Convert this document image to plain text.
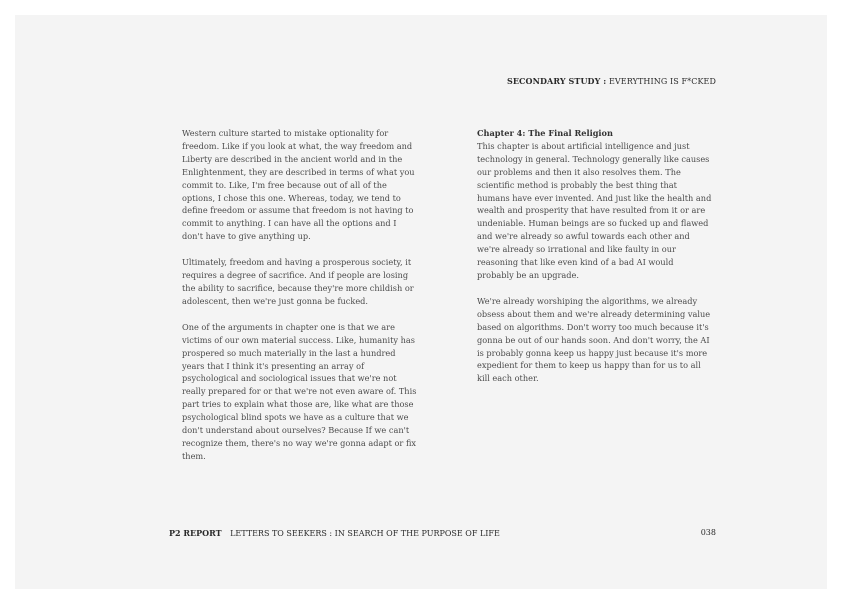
SECONDARY STUDY : EVERYTHING IS F*CKED

Western culture started to mistake optionality for freedom. Like if you look at what, the way freedom and Liberty are described in the ancient world and in the Enlightenment, they are described in terms of what you commit to. Like, I'm free because out of all of the options, I chose this one. Whereas, today, we tend to define freedom or assume that freedom is not having to commit to anything. I can have all the options and I don't have to give anything up.

Ultimately, freedom and having a prosperous society, it requires a degree of sacrifice. And if people are losing the ability to sacrifice, because they're more childish or adolescent, then we're just gonna be fucked.

One of the arguments in chapter one is that we are victims of our own material success. Like, humanity has prospered so much materially in the last a hundred years that I think it's presenting an array of psychological and sociological issues that we're not really prepared for or that we're not even aware of. This part tries to explain what those are, like what are those psychological blind spots we have as a culture that we don't understand about ourselves? Because If we can't recognize them, there's no way we're gonna adapt or fix them.

Chapter 4: The Final Religion
This chapter is about artificial intelligence and just technology in general. Technology generally like causes our problems and then it also resolves them. The scientific method is probably the best thing that humans have ever invented. And just like the health and wealth and prosperity that have resulted from it or are undeniable. Human beings are so fucked up and flawed and we're already so awful towards each other and we're already so irrational and like faulty in our reasoning that like even kind of a bad AI would probably be an upgrade.

We're already worshiping the algorithms, we already obsess about them and we're already determining value based on algorithms. Don't worry too much because it's gonna be out of our hands soon. And don't worry, the AI is probably gonna keep us happy just because it's more expedient for them to keep us happy than for us to all kill each other.

P2 REPORT LETTERS TO SEEKERS : IN SEARCH OF THE PURPOSE OF LIFE	038
